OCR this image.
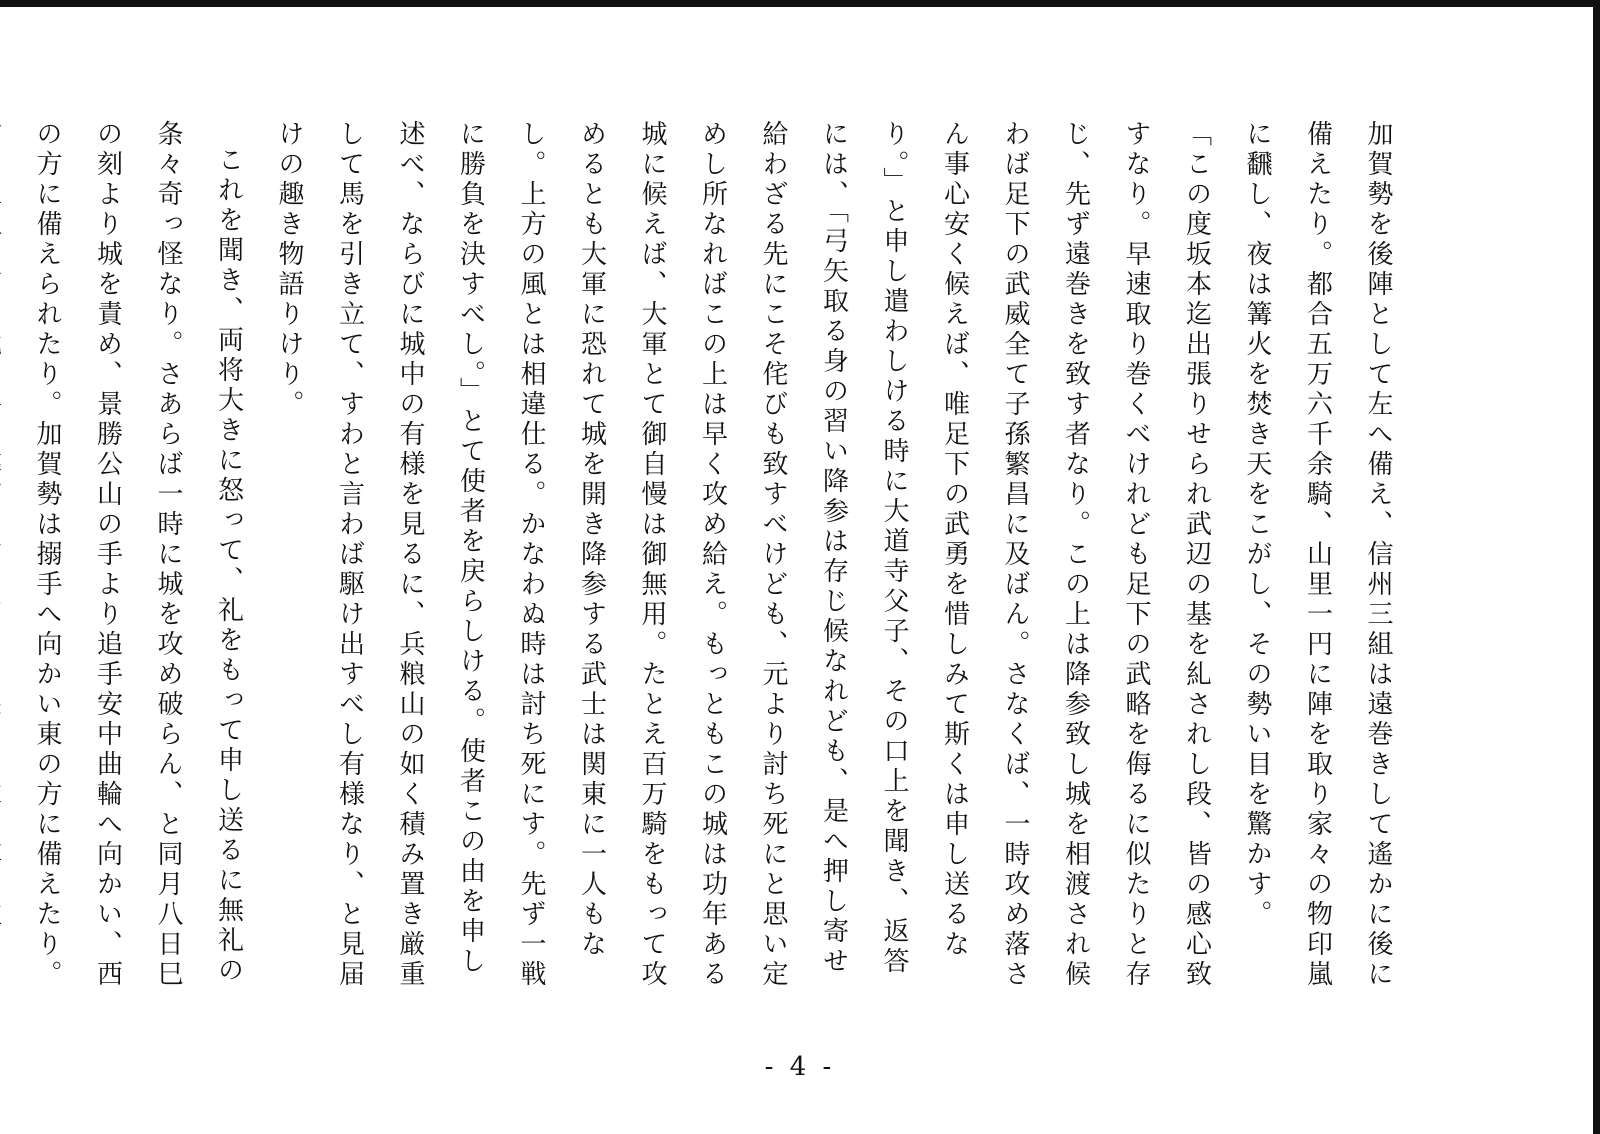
加賀勢を後陣として左へ備え、信州三組は遠巻きして遙かに後に備えたり。都合五万六千余騎、山里一円に陣を取り家々の物印嵐に飜し、夜は篝火を焚き天をこがし、その勢い目を驚かす。

「この度坂本迄出張りせられ武辺の基を糺されし段、皆の感心致すなり。早速取り巻くべけれども足下の武略を侮るに似たりと存じ、先ず遠巻きを致す者なり。この上は降参致し城を相渡され候わば足下の武威全て子孫繁昌に及ばん。さなくば、一時攻め落さん事心安く候えば、唯足下の武勇を惜しみて斯くは申し送るなり。」と申し遣わしける時に大道寺父子、その口上を聞き、返答には、「弓矢取る身の習い降参は存じ候なれども、是へ押し寄せ給わざる先にこそ侘びも致すべけども、元より討ち死にと思い定めし所なればこの上は早く攻め給え。もっともこの城は功年ある城に候えば、大軍とて御自慢は御無用。たとえ百万騎をもって攻めるとも大軍に恐れて城を開き降参する武士は関東に一人もなし。上方の風とは相違仕る。かなわぬ時は討ち死にす。先ず一戦に勝負を決すべし。」とて使者を戻らしける。使者この由を申し述べ、ならびに城中の有様を見るに、兵粮山の如く積み置き厳重して馬を引き立て、すわと言わば駆け出すべし有様なり、と見届けの趣き物語りけり。

これを聞き、両将大きに怒って、礼をもって申し送るに無礼の条々奇っ怪なり。さあらば一時に城を攻め破らん、と同月八日巳の刻より城を責め、景勝公山の手より追手安中曲輪へ向かい、西の方に備えられたり。加賀勢は搦手へ向かい東の方に備えたり。

- 4 -
